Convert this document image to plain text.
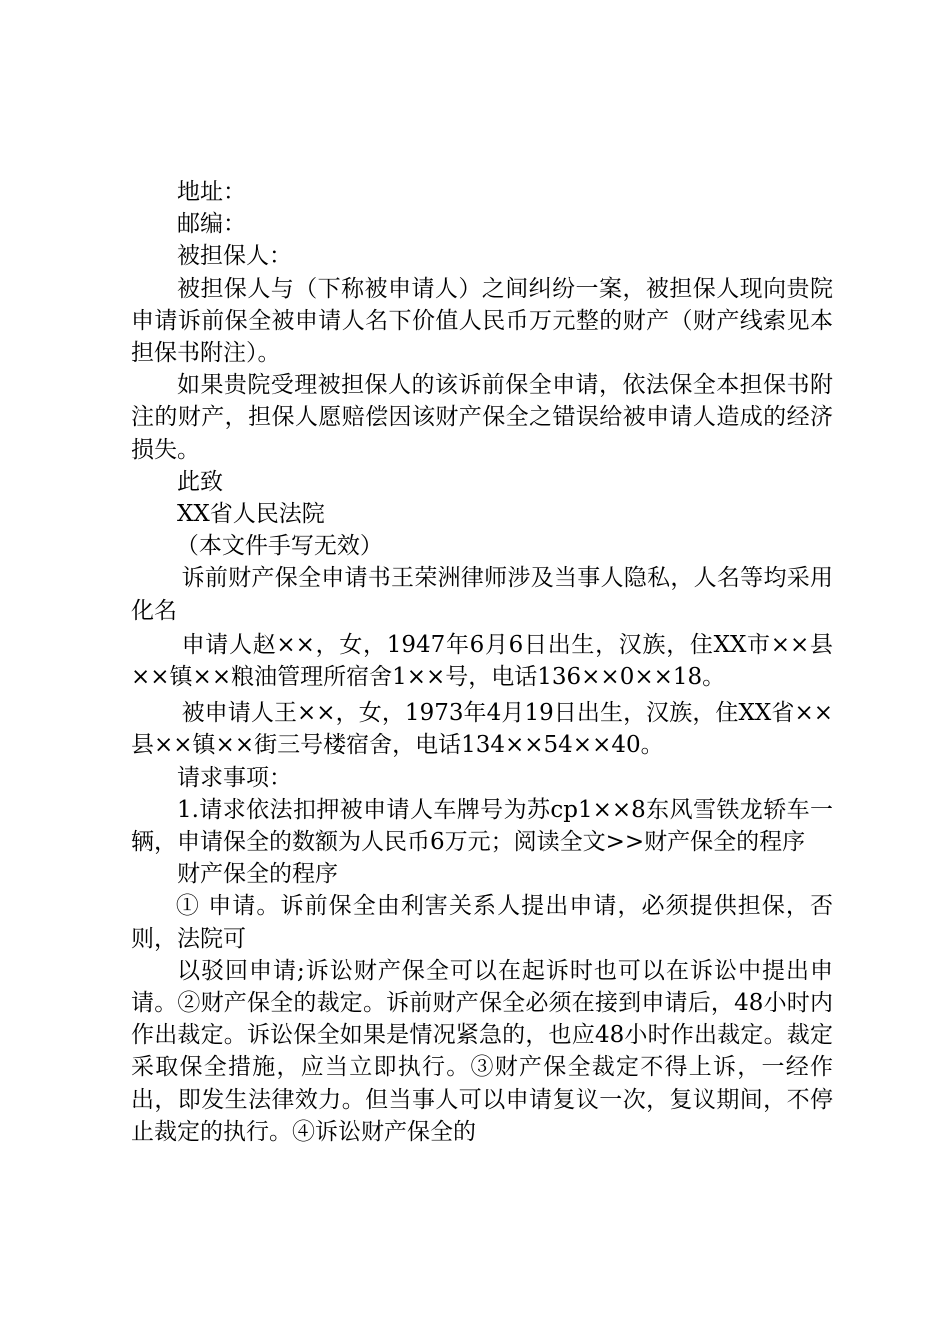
地址：

邮编：

被担保人：

被担保人与（下称被申请人）之间纠纷一案，被担保人现向贵院申请诉前保全被申请人名下价值人民币万元整的财产（财产线索见本担保书附注）。

如果贵院受理被担保人的该诉前保全申请，依法保全本担保书附注的财产，担保人愿赔偿因该财产保全之错误给被申请人造成的经济损失。

此致

XX省人民法院

（本文件手写无效）

诉前财产保全申请书王荣洲律师涉及当事人隐私，人名等均采用化名

申请人赵××，女，1947年6月6日出生，汉族，住XX市××县××镇××粮油管理所宿舍1××号，电话136××0××18。

被申请人王××，女，1973年4月19日出生，汉族，住XX省××县××镇××街三号楼宿舍，电话134××54××40。

请求事项：

1.请求依法扣押被申请人车牌号为苏cp1××8东风雪铁龙轿车一辆，申请保全的数额为人民币6万元；阅读全文>>财产保全的程序

财产保全的程序

① 申请。诉前保全由利害关系人提出申请，必须提供担保，否则，法院可

以驳回申请;诉讼财产保全可以在起诉时也可以在诉讼中提出申请。②财产保全的裁定。诉前财产保全必须在接到申请后，48小时内作出裁定。诉讼保全如果是情况紧急的，也应48小时作出裁定。裁定采取保全措施，应当立即执行。③财产保全裁定不得上诉，一经作出，即发生法律效力。但当事人可以申请复议一次，复议期间，不停止裁定的执行。④诉讼财产保全的
